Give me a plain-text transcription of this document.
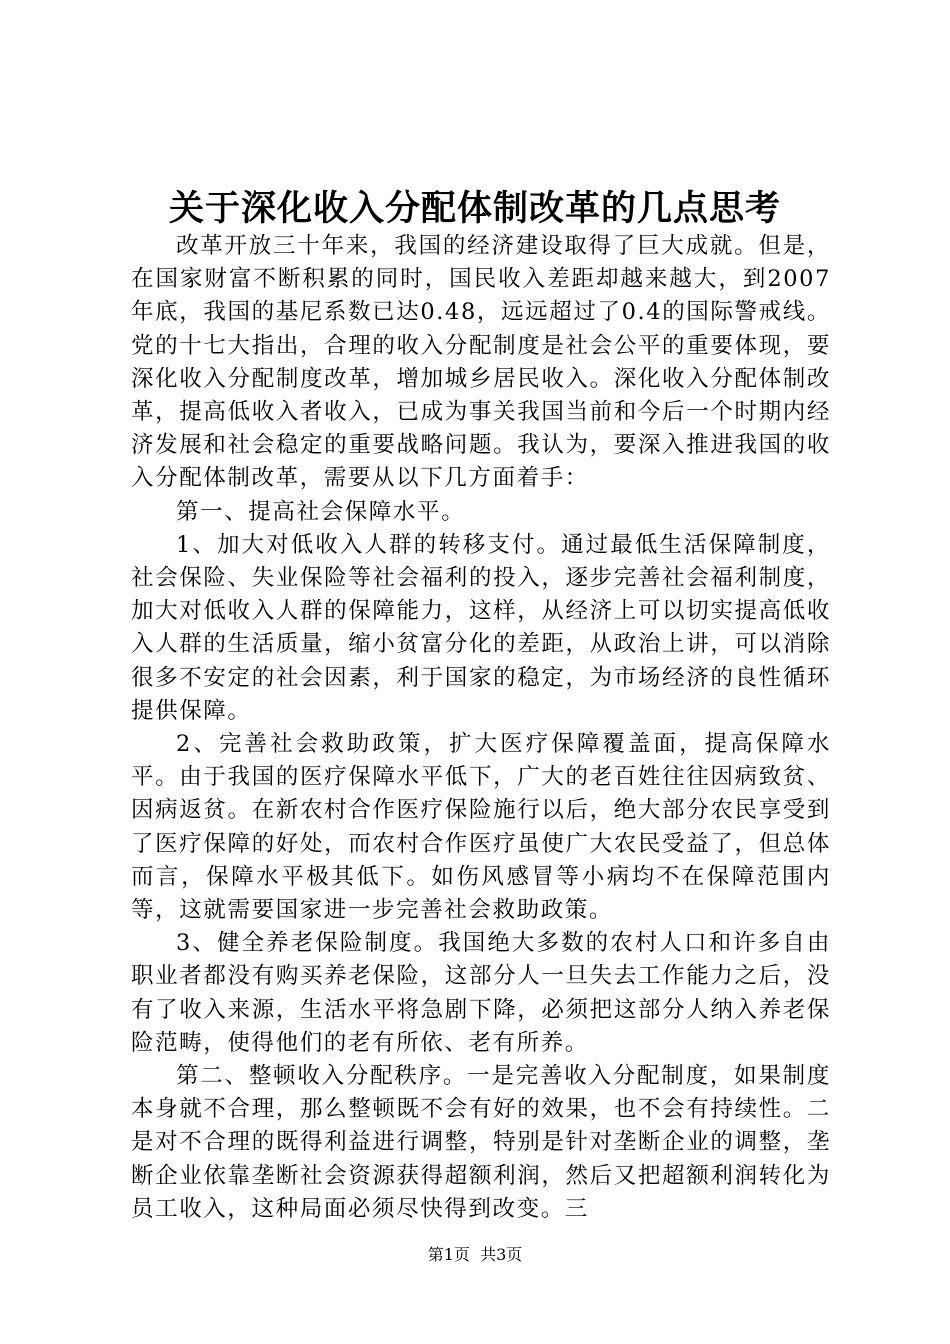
关于深化收入分配体制改革的几点思考

改革开放三十年来，我国的经济建设取得了巨大成就。但是，在国家财富不断积累的同时，国民收入差距却越来越大，到2007年底，我国的基尼系数已达0.48，远远超过了0.4的国际警戒线。党的十七大指出，合理的收入分配制度是社会公平的重要体现，要深化收入分配制度改革，增加城乡居民收入。深化收入分配体制改革，提高低收入者收入，已成为事关我国当前和今后一个时期内经济发展和社会稳定的重要战略问题。我认为，要深入推进我国的收入分配体制改革，需要从以下几方面着手：

第一、提高社会保障水平。

1、加大对低收入人群的转移支付。通过最低生活保障制度，社会保险、失业保险等社会福利的投入，逐步完善社会福利制度，加大对低收入人群的保障能力，这样，从经济上可以切实提高低收入人群的生活质量，缩小贫富分化的差距，从政治上讲，可以消除很多不安定的社会因素，利于国家的稳定，为市场经济的良性循环提供保障。

2、完善社会救助政策，扩大医疗保障覆盖面，提高保障水平。由于我国的医疗保障水平低下，广大的老百姓往往因病致贫、因病返贫。在新农村合作医疗保险施行以后，绝大部分农民享受到了医疗保障的好处，而农村合作医疗虽使广大农民受益了，但总体而言，保障水平极其低下。如伤风感冒等小病均不在保障范围内等，这就需要国家进一步完善社会救助政策。

3、健全养老保险制度。我国绝大多数的农村人口和许多自由职业者都没有购买养老保险，这部分人一旦失去工作能力之后，没有了收入来源，生活水平将急剧下降，必须把这部分人纳入养老保险范畴，使得他们的老有所依、老有所养。

第二、整顿收入分配秩序。一是完善收入分配制度，如果制度本身就不合理，那么整顿既不会有好的效果，也不会有持续性。二是对不合理的既得利益进行调整，特别是针对垄断企业的调整，垄断企业依靠垄断社会资源获得超额利润，然后又把超额利润转化为员工收入，这种局面必须尽快得到改变。三

第1页 共3页
